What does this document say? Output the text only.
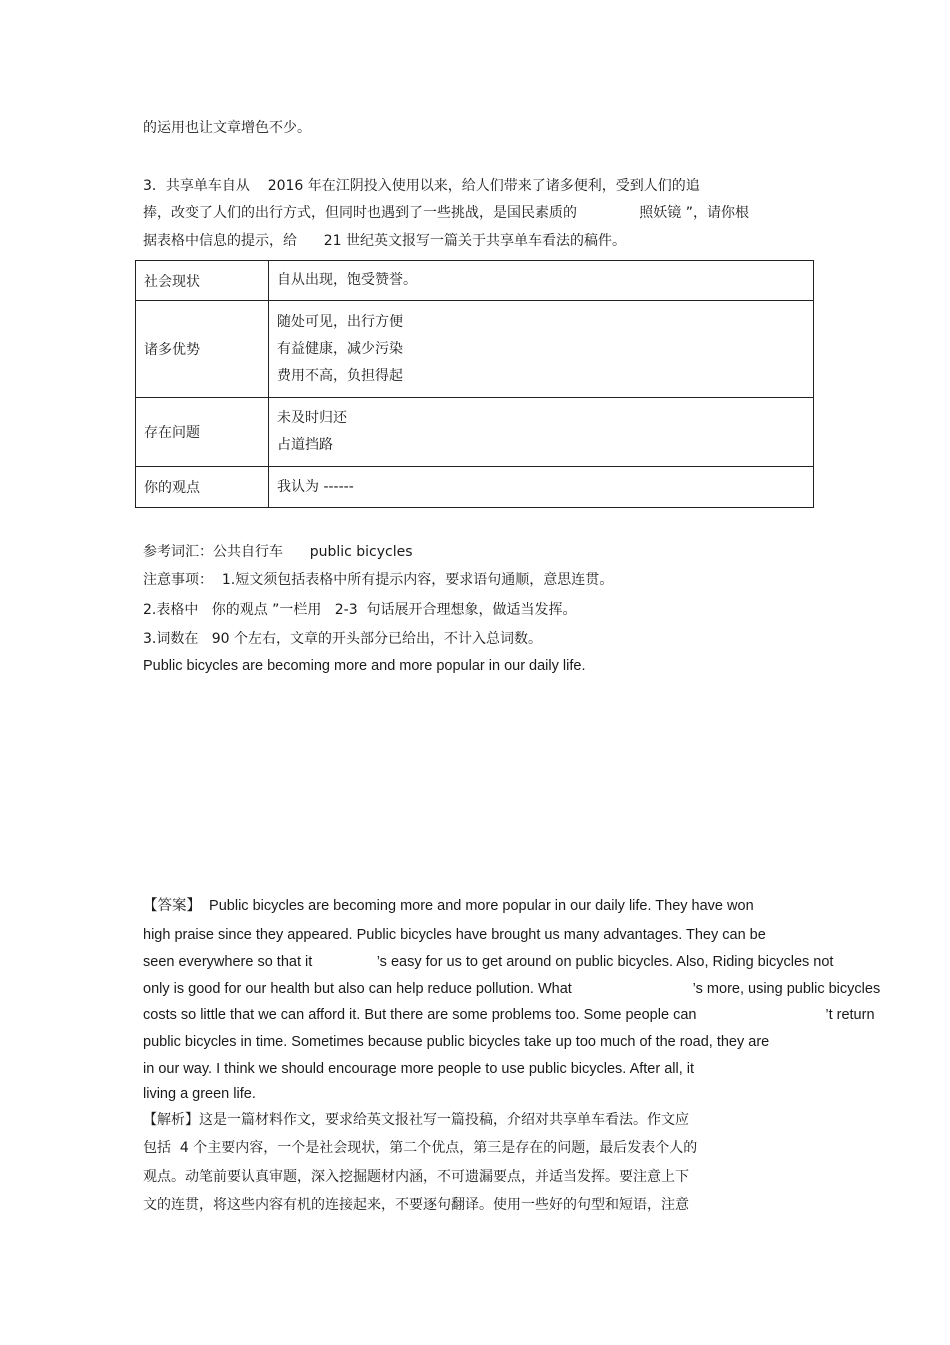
的运用也让文章增色不少。
3．共享单车自从    2016 年在江阴投入使用以来，给人们带来了诸多便利，受到人们的追
捧，改变了人们的出行方式，但同时也遇到了一些挑战，是国民素质的              照妖镜 ”，请你根
据表格中信息的提示，给      21 世纪英文报写一篇关于共享单车看法的稿件。
社会现状	自从出现，饱受赞誉。

诸多优势	随处可见，出行方便
有益健康，减少污染
费用不高，负担得起

存在问题	未及时归还
占道挡路

你的观点	我认为 ------
参考词汇：公共自行车      public bicycles
注意事项：  1.短文须包括表格中所有提示内容，要求语句通顺，意思连贯。
2.表格中   你的观点 ”一栏用   2-3  句话展开合理想象，做适当发挥。
3.词数在   90 个左右，文章的开头部分已给出，不计入总词数。
Public bicycles are becoming more and more popular in our daily life.
【答案】  Public bicycles are becoming more and more popular in our daily life. They have won
high praise since they appeared. Public bicycles have brought us many advantages. They can be
seen everywhere so that it                ’s easy for us to get around on public bicycles. Also, Riding bicycles not
only is good for our health but also can help reduce pollution. What                              ’s more, using public bicycles
costs so little that we can afford it. But there are some problems too. Some people can                                ’t return
public bicycles in time. Sometimes because public bicycles take up too much of the road, they are
in our way. I think we should encourage more people to use public bicycles. After all, it
living a green life.
【解析】这是一篇材料作文，要求给英文报社写一篇投稿，介绍对共享单车看法。作文应
包括  4 个主要内容，一个是社会现状，第二个优点，第三是存在的问题，最后发表个人的
观点。动笔前要认真审题，深入挖掘题材内涵，不可遗漏要点，并适当发挥。要注意上下
文的连贯，将这些内容有机的连接起来，不要逐句翻译。使用一些好的句型和短语，注意
